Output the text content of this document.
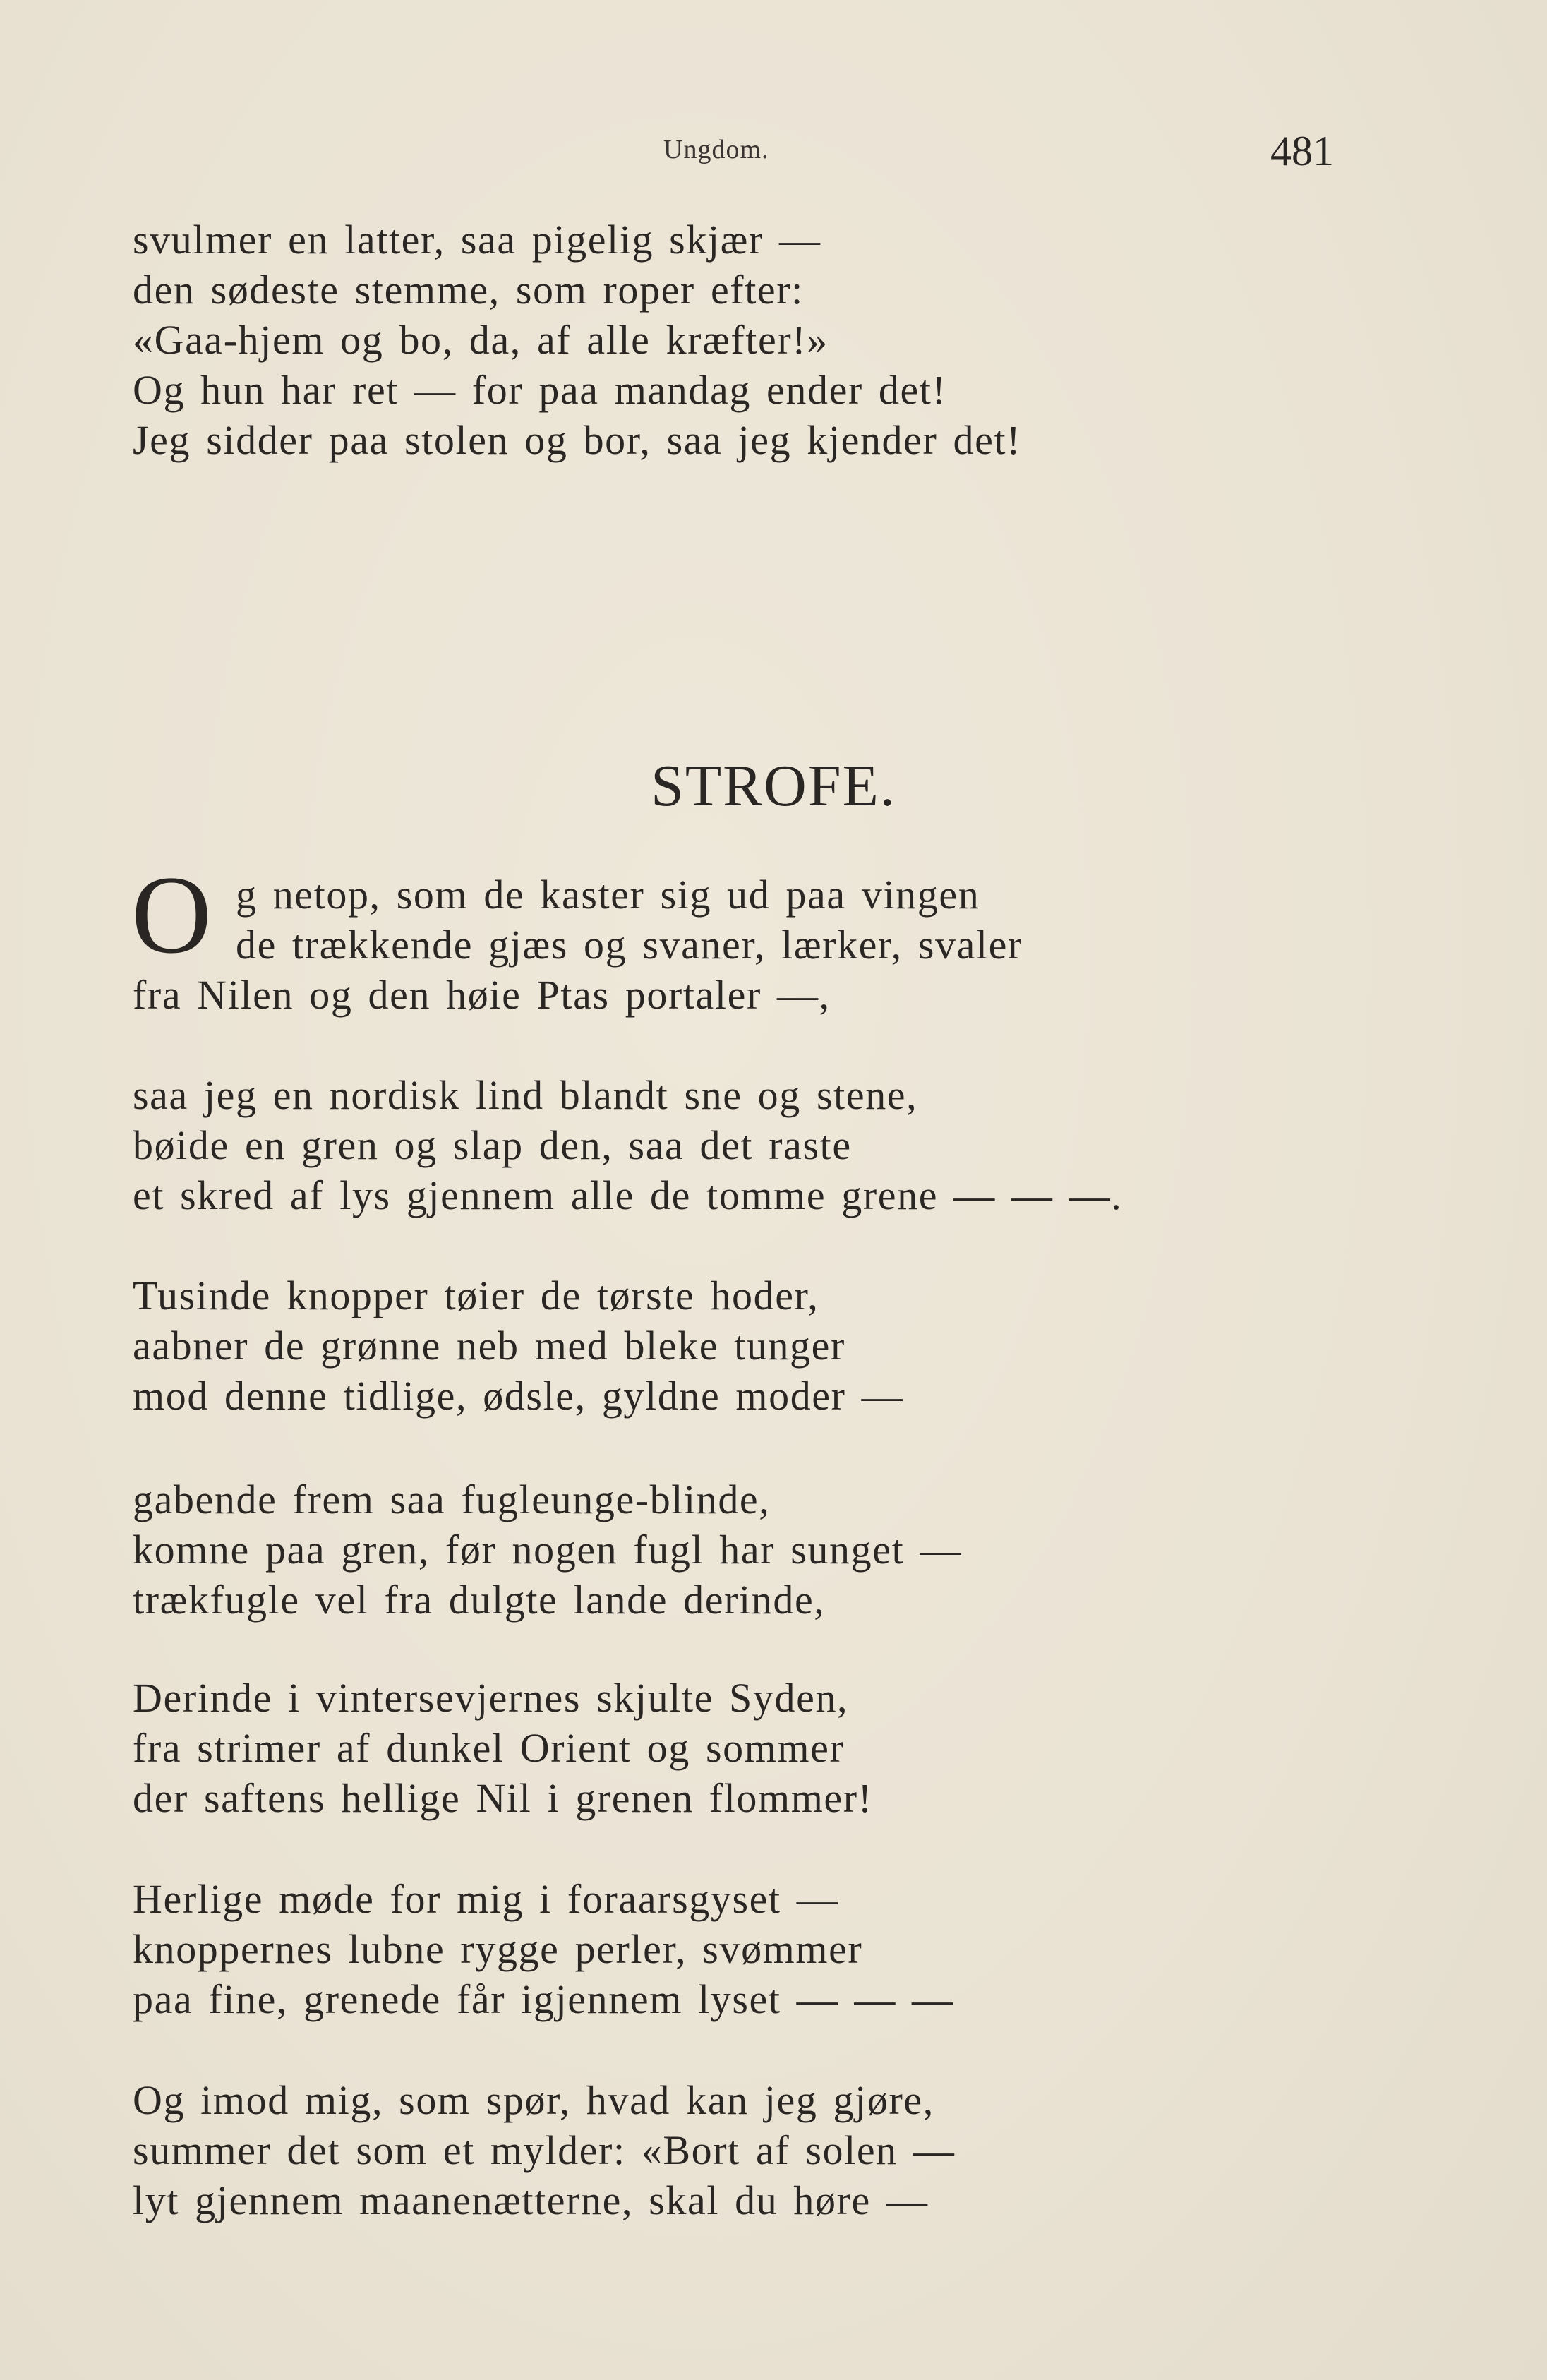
Ungdom.	481
svulmer en latter, saa pigelig skjær —
den sødeste stemme, som roper efter:
«Gaa-hjem og bo, da, af alle kræfter!»
Og hun har ret — for paa mandag ender det!
Jeg sidder paa stolen og bor, saa jeg kjender det!
STROFE.
O g netop, som de kaster sig ud paa vingen
de trækkende gjæs og svaner, lærker, svaler
fra Nilen og den høie Ptas portaler —,
saa jeg en nordisk lind blandt sne og stene,
bøide en gren og slap den, saa det raste
et skred af lys gjennem alle de tomme grene — — —.
Tusinde knopper tøier de tørste hoder,
aabner de grønne neb med bleke tunger
mod denne tidlige, ødsle, gyldne moder —
gabende frem saa fugleunge-blinde,
komne paa gren, før nogen fugl har sunget —
trækfugle vel fra dulgte lande derinde,
Derinde i vintersevjernes skjulte Syden,
fra strimer af dunkel Orient og sommer
der saftens hellige Nil i grenen flommer!
Herlige møde for mig i foraarsgyset —
knoppernes lubne rygge perler, svømmer
paa fine, grenede får igjennem lyset — — —
Og imod mig, som spør, hvad kan jeg gjøre,
summer det som et mylder: «Bort af solen —
lyt gjennem maanenætterne, skal du høre —
